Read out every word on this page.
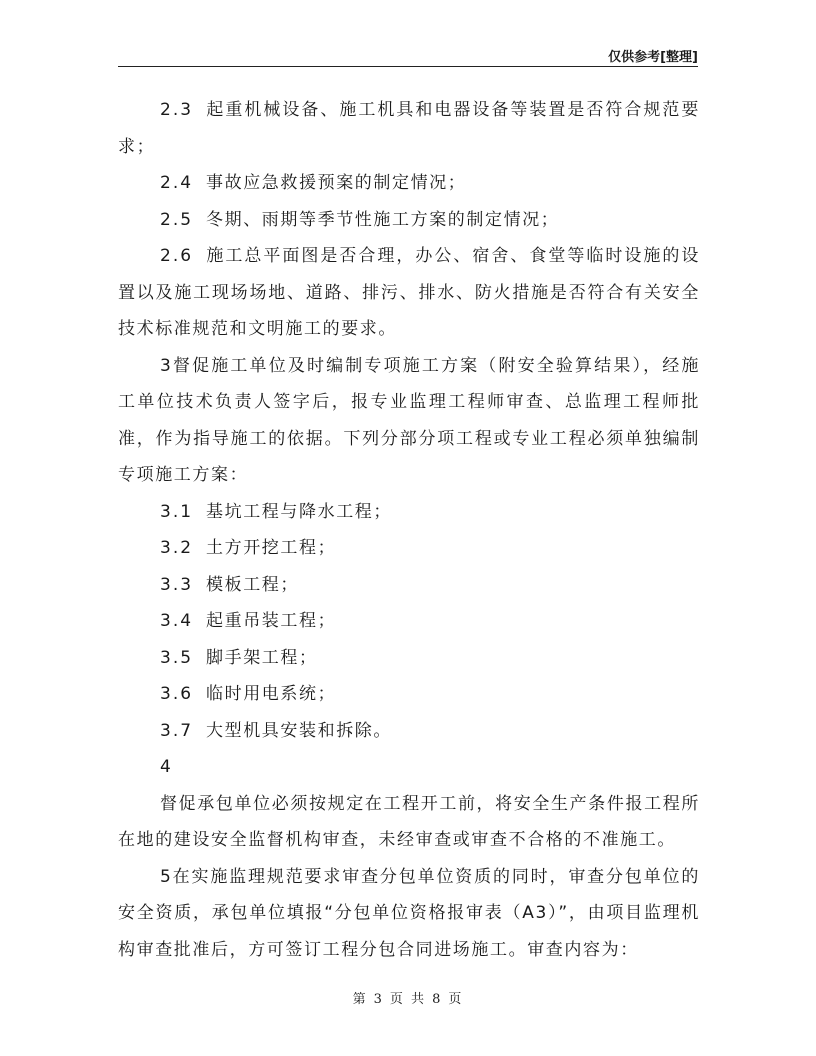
仅供参考[整理]

2.3 起重机械设备、施工机具和电器设备等装置是否符合规范要求；

2.4 事故应急救援预案的制定情况；

2.5 冬期、雨期等季节性施工方案的制定情况；

2.6 施工总平面图是否合理，办公、宿舍、食堂等临时设施的设置以及施工现场场地、道路、排污、排水、防火措施是否符合有关安全技术标准规范和文明施工的要求。

3督促施工单位及时编制专项施工方案（附安全验算结果），经施工单位技术负责人签字后，报专业监理工程师审查、总监理工程师批准，作为指导施工的依据。下列分部分项工程或专业工程必须单独编制专项施工方案：

3.1 基坑工程与降水工程；

3.2 土方开挖工程；

3.3 模板工程；

3.4 起重吊装工程；

3.5 脚手架工程；

3.6 临时用电系统；

3.7 大型机具安装和拆除。

4

督促承包单位必须按规定在工程开工前，将安全生产条件报工程所在地的建设安全监督机构审查，未经审查或审查不合格的不准施工。

5在实施监理规范要求审查分包单位资质的同时，审查分包单位的安全资质，承包单位填报“分包单位资格报审表（A3）”，由项目监理机构审查批准后，方可签订工程分包合同进场施工。审查内容为：

第 3 页 共 8 页
